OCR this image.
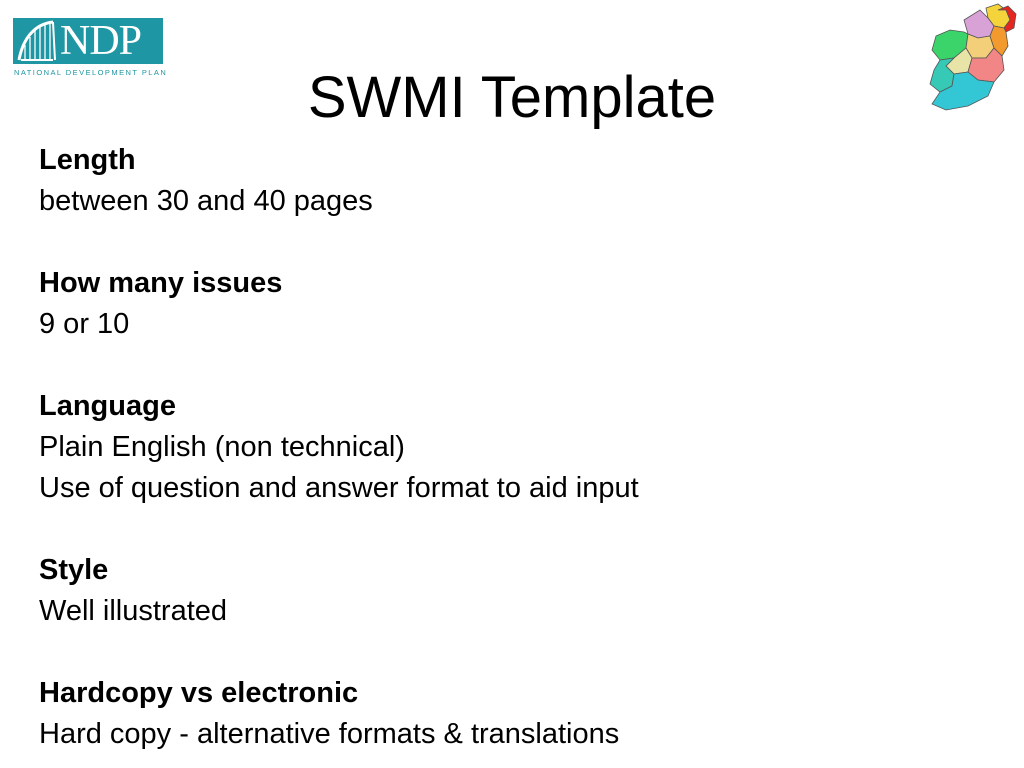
NDP
NATIONAL DEVELOPMENT PLAN	SWMI Template
Length
between 30 and 40 pages
How many issues
9 or 10
Language
Plain English (non technical)
Use of question and answer format to aid input
Style
Well illustrated
Hardcopy vs electronic
Hard copy - alternative formats & translations
